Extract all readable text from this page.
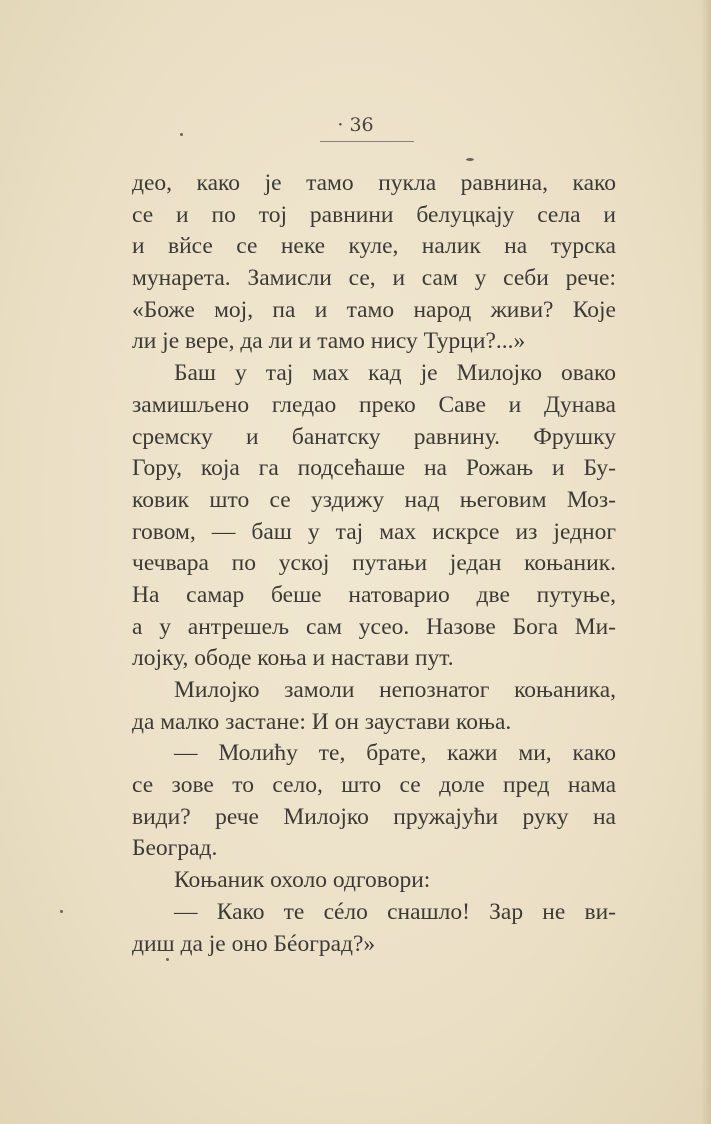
· 36
део, како је тамо пукла равнина, како
се и по тој равнини белуцкају села и
и вйсе се неке куле, налик на турска
мунарета. Замисли се, и сам у себи рече:
«Боже мој, па и тамо народ живи? Које
ли је вере, да ли и тамо нису Турци?...»
Баш у тај мах кад је Милојко овако
замишљено гледао преко Саве и Дунава
сремску и банатску равнину. Фрушку
Гору, која га подсећаше на Рожањ и Бу-
ковик што се уздижу над његовим Моз-
говом, — баш у тај мах искрсе из једног
чечвара по ускоj путањи један коњаник.
На самар беше натоварио две путуње,
а у антрешељ сам усео. Назове Бога Ми-
лојку, ободе коња и настави пут.
Милојко замоли непознатог коњаника,
да малко застане: И он заустави коња.
— Молићу те, брате, кажи ми, како
се зове то село, што се доле пред нама
види? рече Милојко пружајући руку на
Београд.
Коњаник охоло одговори:
— Како те сéло снашло! Зар не ви-
диш да је оно Бéоград?»
